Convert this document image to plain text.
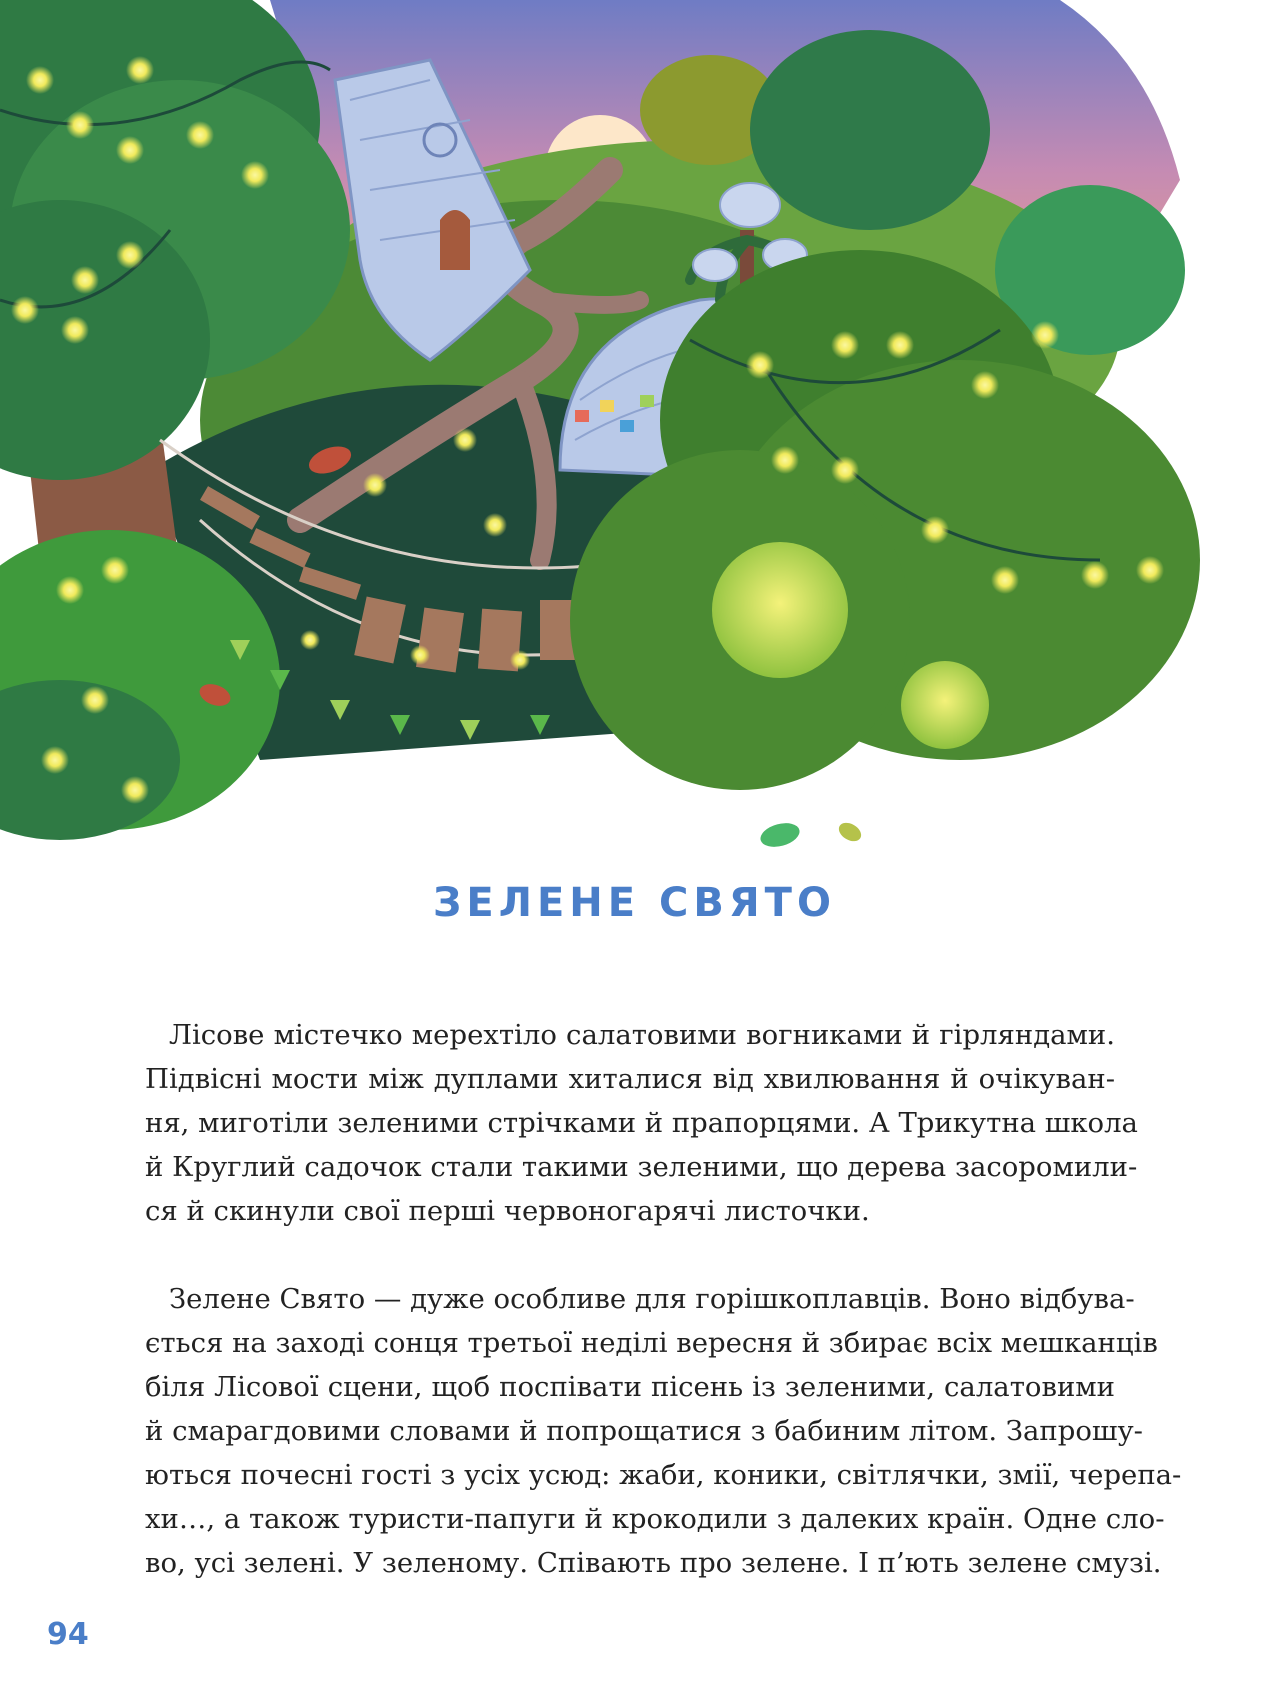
ЗЕЛЕНЕ СВЯТО

Лісове містечко мерехтіло салатовими вогниками й гірляндами.
Підвісні мости між дуплами хиталися від хвилювання й очікуван-
ня, миготіли зеленими стрічками й прапорцями. А Трикутна школа
й Круглий садочок стали такими зеленими, що дерева засоромили-
ся й скинули свої перші червоногарячі листочки.

Зелене Свято — дуже особливе для горішкоплавців. Воно відбува-
ється на заході сонця третьої неділі вересня й збирає всіх мешканців
біля Лісової сцени, щоб поспівати пісень із зеленими, салатовими
й смарагдовими словами й попрощатися з бабиним літом. Запрошу-
ються почесні гості з усіх усюд: жаби, коники, світлячки, змії, черепа-
хи…, а також туристи-папуги й крокодили з далеких країн. Одне сло-
во, усі зелені. У зеленому. Співають про зелене. І п’ють зелене смузі.

94
